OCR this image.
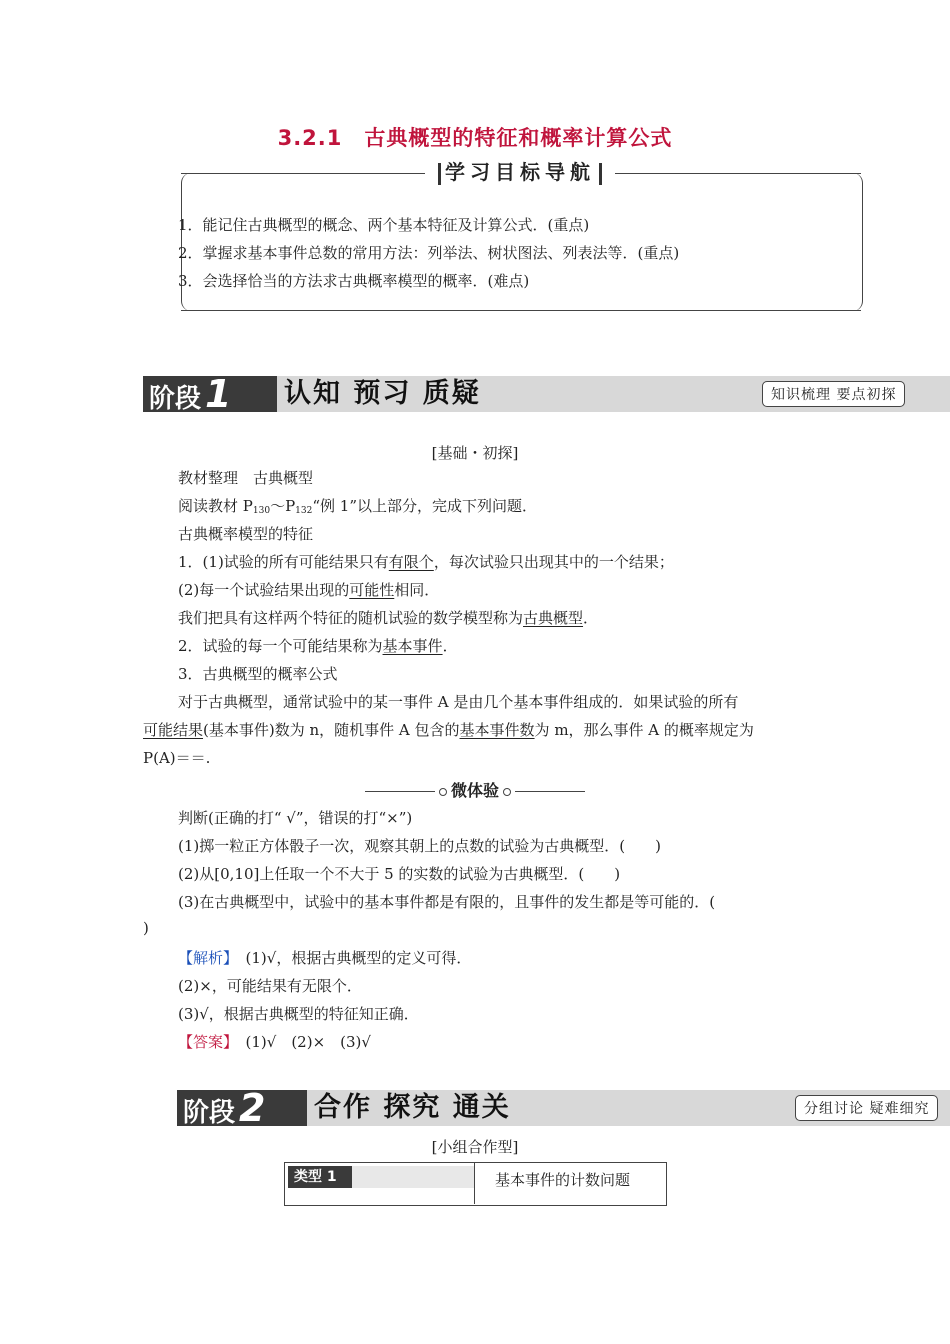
3.2.1 古典概型的特征和概率计算公式
学习目标导航
1．能记住古典概型的概念、两个基本特征及计算公式．(重点)
2．掌握求基本事件总数的常用方法：列举法、树状图法、列表法等．(重点)
3．会选择恰当的方法求古典概率模型的概率．(难点)
阶段 1	认知 预习 质疑	知识梳理 要点初探
[基础・初探]
教材整理　古典概型
阅读教材 $P_{130}\sim P_{132}“$例 1”以上部分，完成下列问题．
古典概率模型的特征
1．(1)试验的所有可能结果只有有限个，每次试验只出现其中的一个结果；
(2)每一个试验结果出现的可能性相同．
我们把具有这样两个特征的随机试验的数学模型称为古典概型．
2．试验的每一个可能结果称为基本事件．
3．古典概型的概率公式
对于古典概型，通常试验中的某一事件 A 是由几个基本事件组成的．如果试验的所有
可能结果(基本事件)数为 n，随机事件 A 包含的基本事件数为 m，那么事件 A 的概率规定为
P(A)＝＝.
微体验
判断(正确的打“ √”，错误的打“×”)
(1)掷一粒正方体骰子一次，观察其朝上的点数的试验为古典概型．(　　)
(2)从[0,10]上任取一个不大于 5 的实数的试验为古典概型．(　　)
(3)在古典概型中，试验中的基本事件都是有限的，且事件的发生都是等可能的．(
)
【解析】　(1)√，根据古典概型的定义可得．
(2)×，可能结果有无限个．
(3)√，根据古典概型的特征知正确．
【答案】　(1)√　(2)×　(3)√
阶段 2	合作 探究 通关	分组讨论 疑难细究
[小组合作型]
类型 1	基本事件的计数问题
